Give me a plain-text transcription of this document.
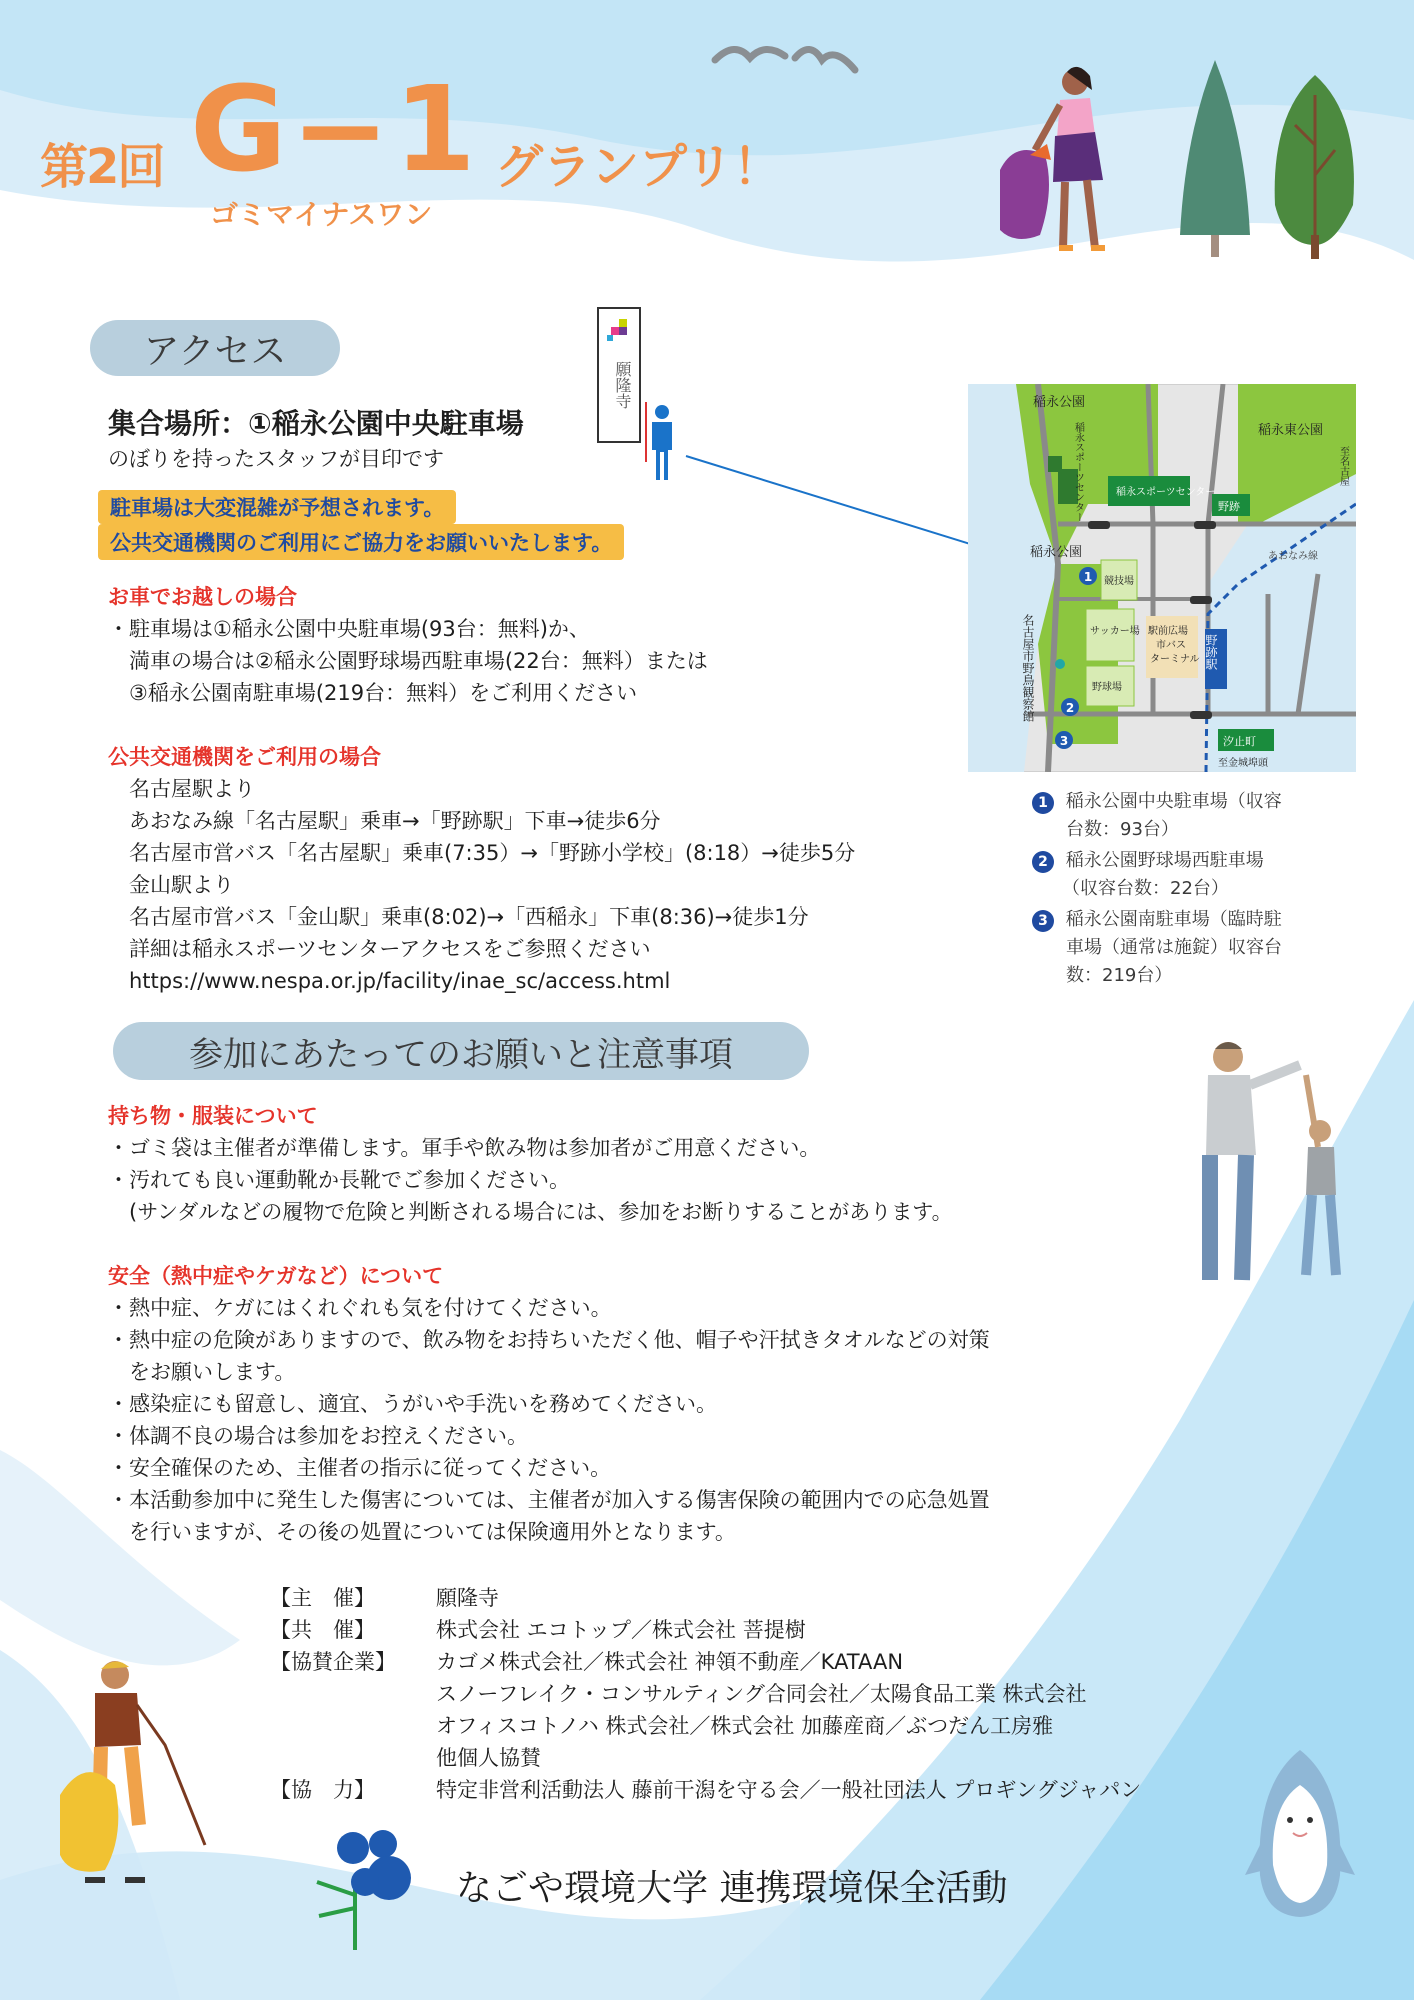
第2回 G−1
ゴミマイナスワン
グランプリ！
アクセス
願隆寺
集合場所：①稲永公園中央駐車場
のぼりを持ったスタッフが目印です
駐車場は大変混雑が予想されます。
公共交通機関のご利用にご協力をお願いいたします。
お車でお越しの場合
・駐車場は①稲永公園中央駐車場(93台：無料)か、
　満車の場合は②稲永公園野球場西駐車場(22台：無料）または
　③稲永公園南駐車場(219台：無料）をご利用ください
公共交通機関をご利用の場合
　名古屋駅より
　あおなみ線「名古屋駅」乗車→「野跡駅」下車→徒歩6分
　名古屋市営バス「名古屋駅」乗車(7:35）→「野跡小学校」(8:18）→徒歩5分
　金山駅より
　名古屋市営バス「金山駅」乗車(8:02)→「西稲永」下車(8:36)→徒歩1分
　詳細は稲永スポーツセンターアクセスをご参照ください
　https://www.nespa.or.jp/facility/inae_sc/access.html
1
2
3
稲永公園
稲永東公園
稲永スポーツセンター	稲永スポーツセンター
野跡
至名古屋
あおなみ線
稲永公園
競技場
サッカー場
野球場
駅前広場
市バス
ターミナル 野跡駅
名古屋市野鳥観察館
汐止町
至金城埠頭
1 稲永公園中央駐車場（収容
台数：93台）
2 稲永公園野球場西駐車場
（収容台数：22台）
3 稲永公園南駐車場（臨時駐
車場（通常は施錠）収容台
数：219台）
参加にあたってのお願いと注意事項
持ち物・服装について
・ゴミ袋は主催者が準備します。軍手や飲み物は参加者がご用意ください。
・汚れても良い運動靴か長靴でご参加ください。
　(サンダルなどの履物で危険と判断される場合には、参加をお断りすることがあります。
安全（熱中症やケガなど）について
・熱中症、ケガにはくれぐれも気を付けてください。
・熱中症の危険がありますので、飲み物をお持ちいただく他、帽子や汗拭きタオルなどの対策
　をお願いします。
・感染症にも留意し、適宜、うがいや手洗いを務めてください。
・体調不良の場合は参加をお控えください。
・安全確保のため、主催者の指示に従ってください。
・本活動参加中に発生した傷害については、主催者が加入する傷害保険の範囲内での応急処置
　を行いますが、その後の処置については保険適用外となります。
【主　催】	願隆寺
【共　催】	株式会社 エコトップ／株式会社 菩提樹
【協賛企業】 カゴメ株式会社／株式会社 神領不動産／KATAAN
スノーフレイク・コンサルティング合同会社／太陽食品工業 株式会社
オフィスコトノハ 株式会社／株式会社 加藤産商／ぶつだん工房雅
他個人協賛
【協　力】	特定非営利活動法人 藤前干潟を守る会／一般社団法人 プロギングジャパン
なごや環境大学 連携環境保全活動
